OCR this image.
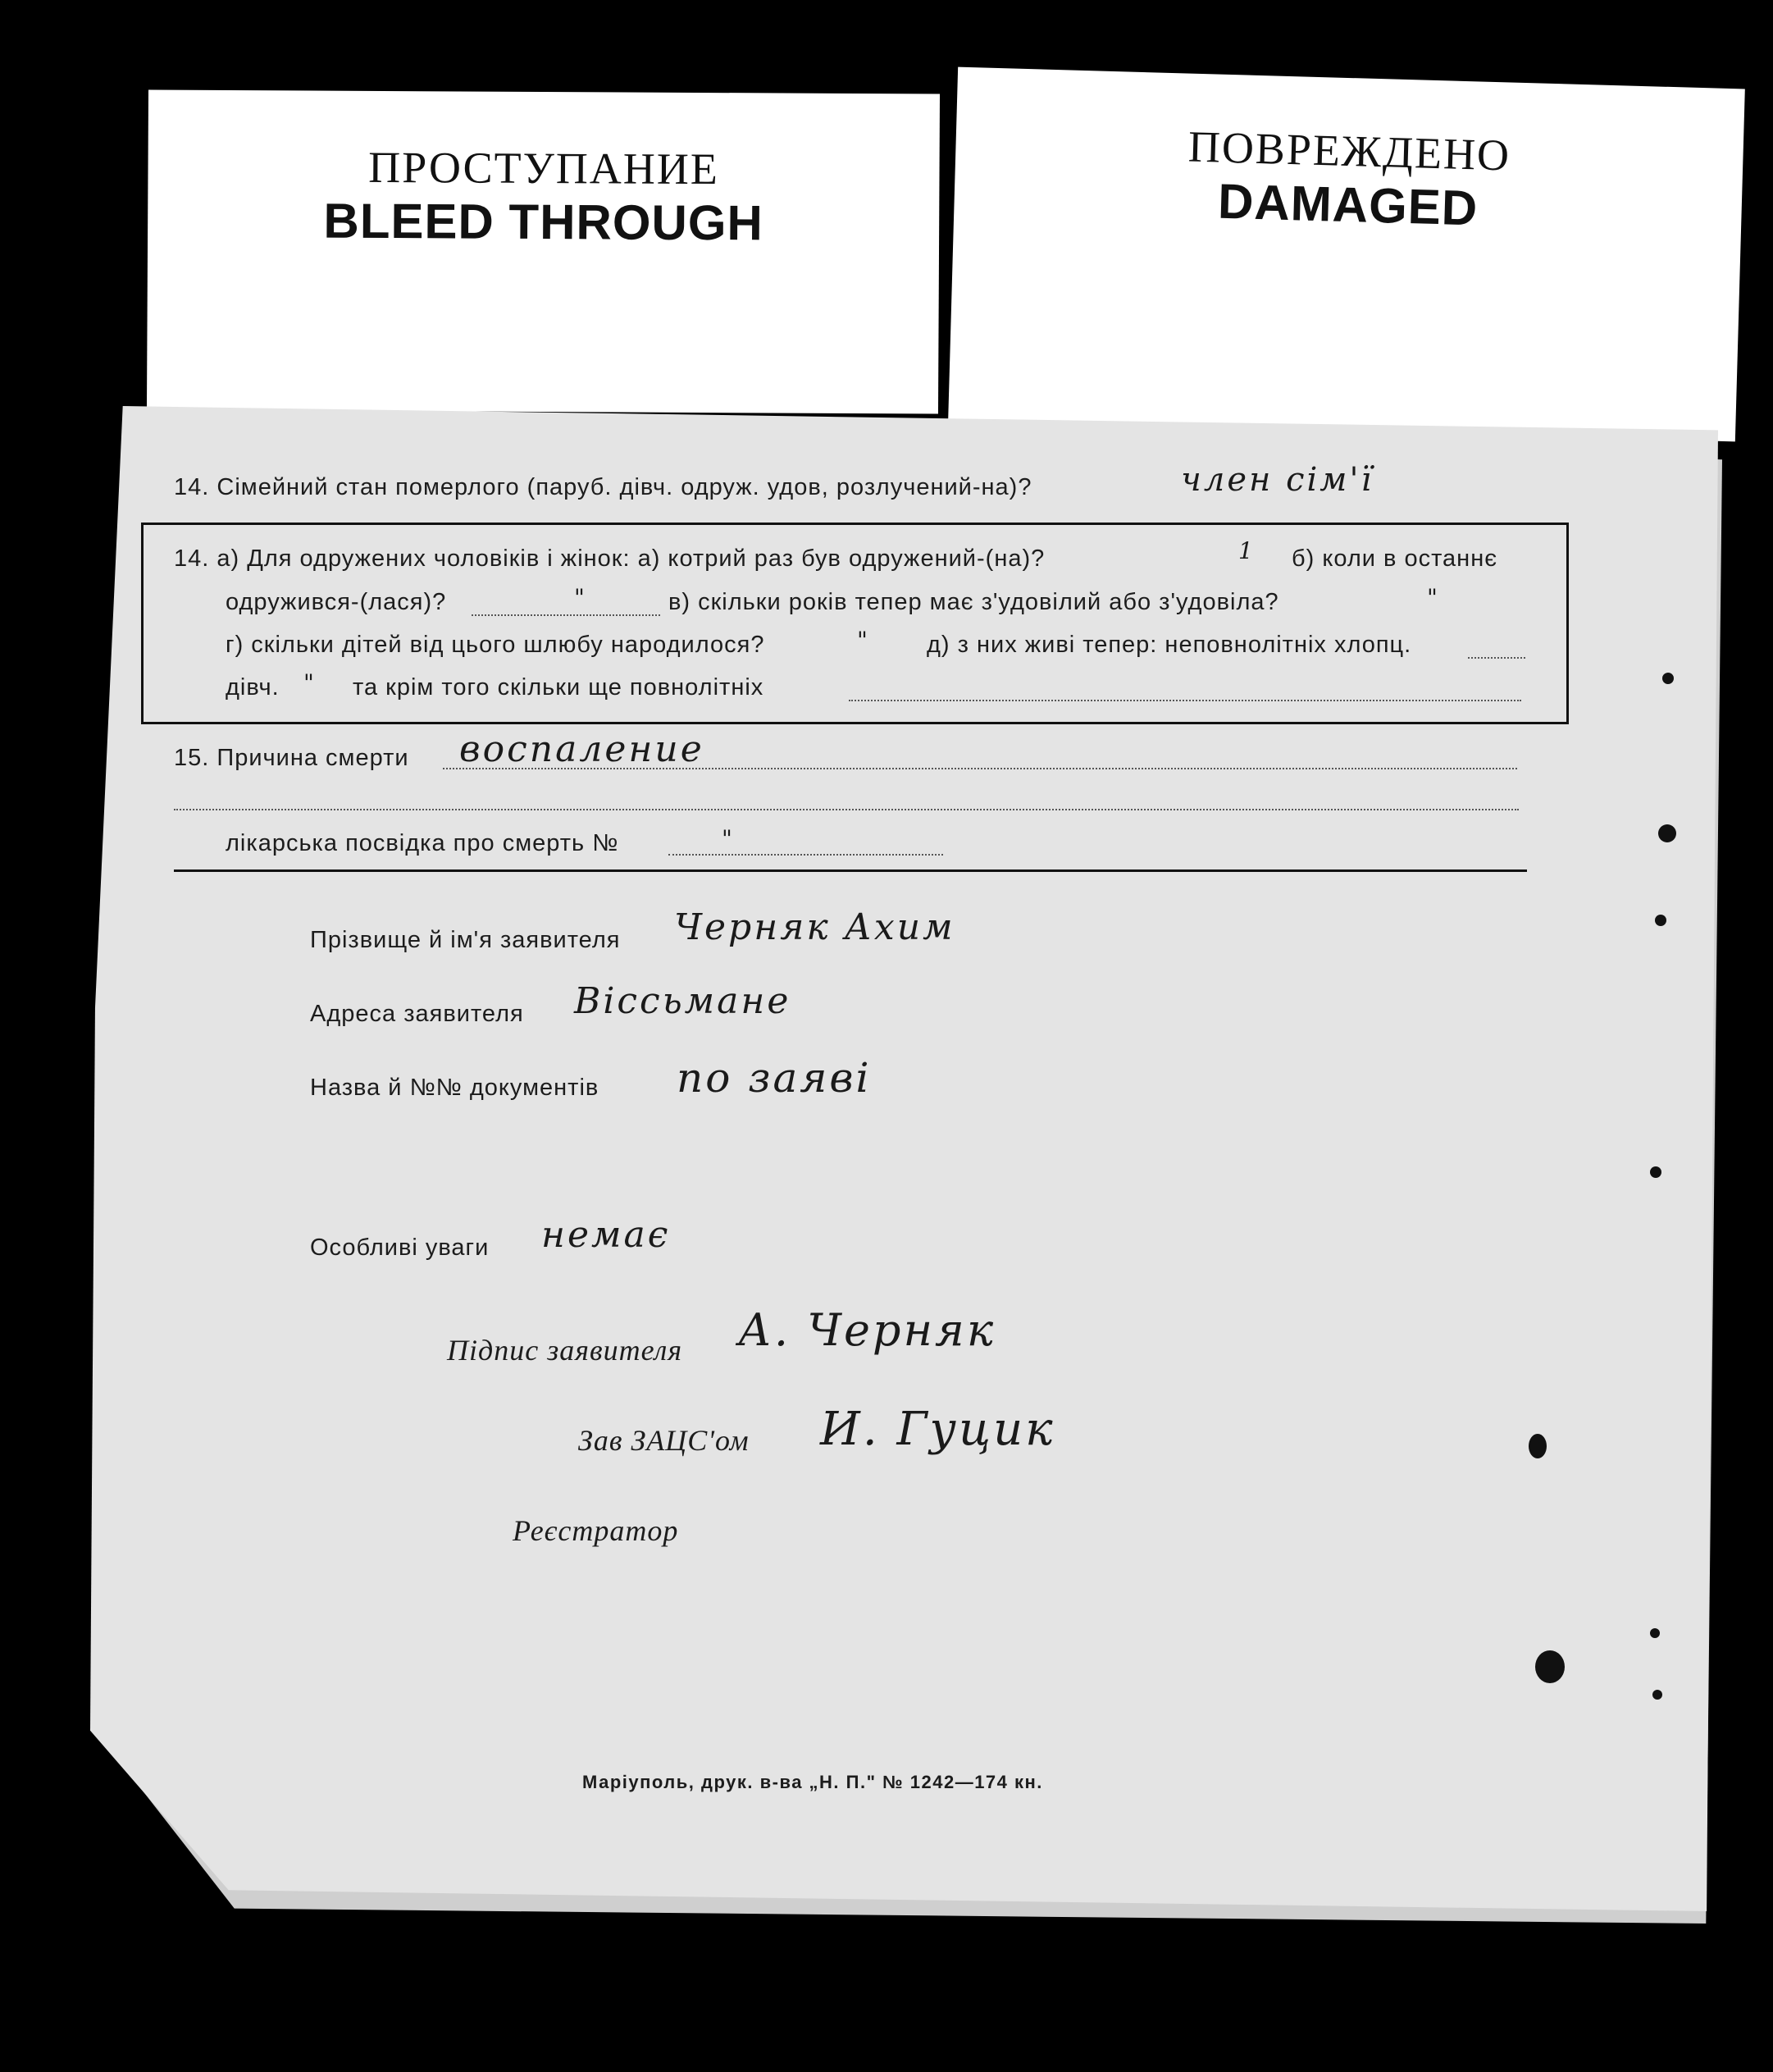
ПРОСТУПАНИЕ
BLEED THROUGH
ПОВРЕЖДЕНО
DAMAGED
14. Сімейний стан померлого (паруб. дівч. одруж. удов, розлучений-на)?	член сім'ї
14. а) Для одружених чоловіків і жінок: а) котрий раз був одружений-(на)?	1 б) коли в останнє
одружився-(лася)?	"	в) скільки років тепер має з'удовілий або з'удовіла?	"
г) скільки дітей від цього шлюбу народилося?	" д) з них живі тепер: неповнолітніх хлопц.
дівч. " та крім того скільки ще повнолітніх
15. Причина смерти воспаление
лікарська посвідка про смерть №	"
Прізвище й ім'я заявителя Черняк Ахим
Адреса заявителя Віссьмане
Назва й №№ документів по заяві
Особливі уваги немає
Підпис заявителя А. Черняк
Зав ЗАЦС'ом И. Гуцик
Реєстратор
Маріуполь, друк. в-ва „Н. П." № 1242—174 кн.
